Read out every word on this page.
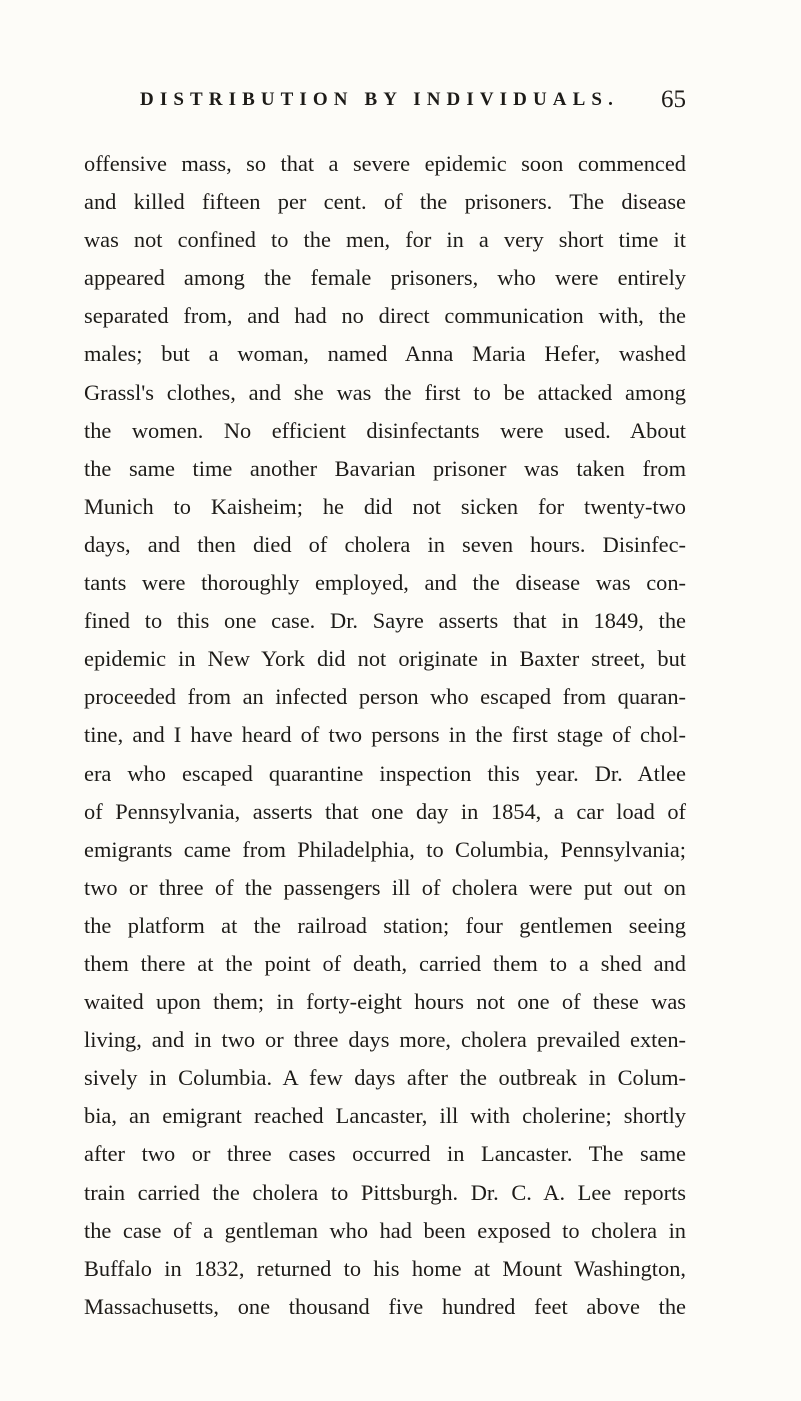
DISTRIBUTION BY INDIVIDUALS. 65
offensive mass, so that a severe epidemic soon commenced
and killed fifteen per cent. of the prisoners. The disease
was not confined to the men, for in a very short time it
appeared among the female prisoners, who were entirely
separated from, and had no direct communication with, the
males; but a woman, named Anna Maria Hefer, washed
Grassl's clothes, and she was the first to be attacked among
the women. No efficient disinfectants were used. About
the same time another Bavarian prisoner was taken from
Munich to Kaisheim; he did not sicken for twenty-two
days, and then died of cholera in seven hours. Disinfec-
tants were thoroughly employed, and the disease was con-
fined to this one case. Dr. Sayre asserts that in 1849, the
epidemic in New York did not originate in Baxter street, but
proceeded from an infected person who escaped from quaran-
tine, and I have heard of two persons in the first stage of chol-
era who escaped quarantine inspection this year. Dr. Atlee
of Pennsylvania, asserts that one day in 1854, a car load of
emigrants came from Philadelphia, to Columbia, Pennsylvania;
two or three of the passengers ill of cholera were put out on
the platform at the railroad station; four gentlemen seeing
them there at the point of death, carried them to a shed and
waited upon them; in forty-eight hours not one of these was
living, and in two or three days more, cholera prevailed exten-
sively in Columbia. A few days after the outbreak in Colum-
bia, an emigrant reached Lancaster, ill with cholerine; shortly
after two or three cases occurred in Lancaster. The same
train carried the cholera to Pittsburgh. Dr. C. A. Lee reports
the case of a gentleman who had been exposed to cholera in
Buffalo in 1832, returned to his home at Mount Washington,
Massachusetts, one thousand five hundred feet above the
